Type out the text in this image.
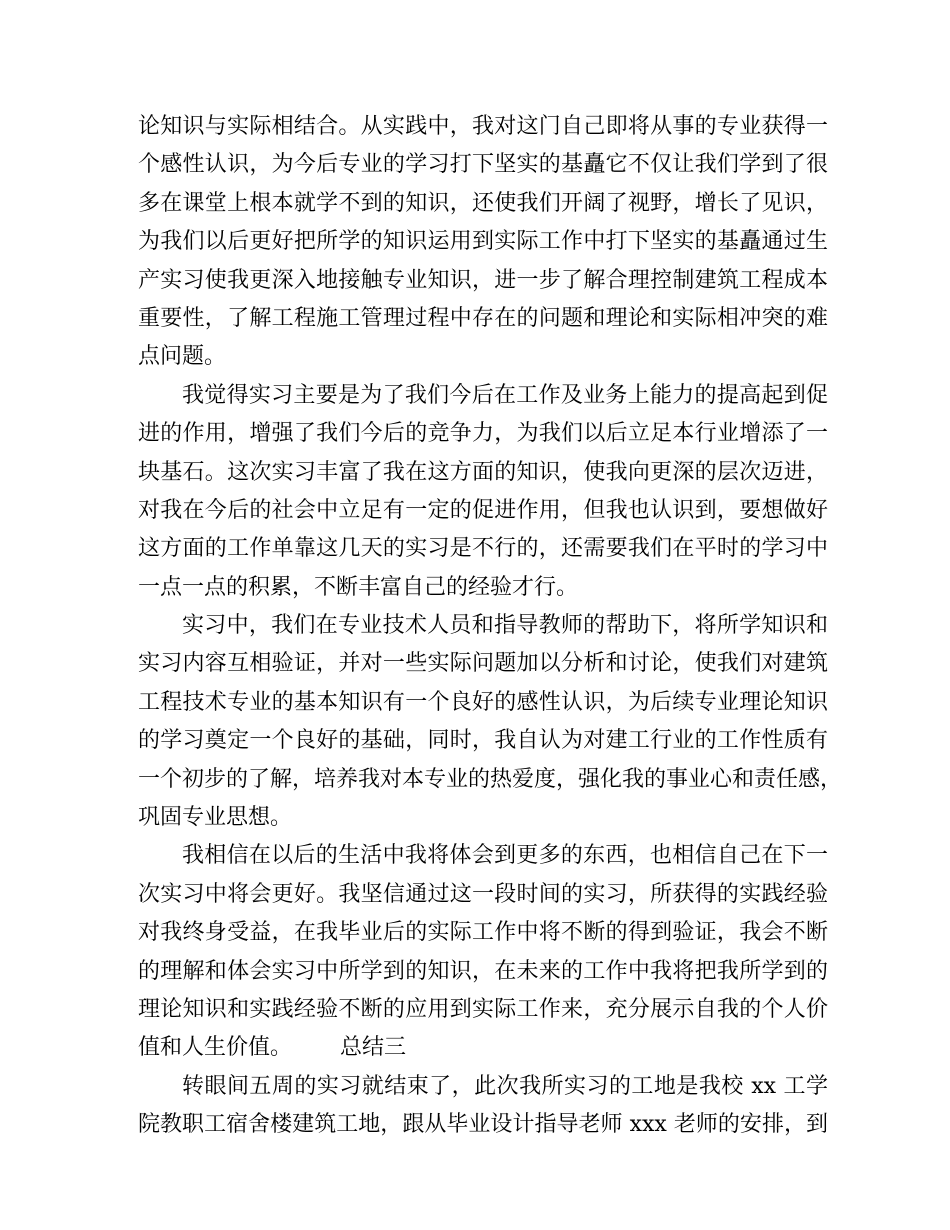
论知识与实际相结合。从实践中，我对这门自己即将从事的专业获得一
个感性认识，为今后专业的学习打下坚实的基矗它不仅让我们学到了很
多在课堂上根本就学不到的知识，还使我们开阔了视野，增长了见识，
为我们以后更好把所学的知识运用到实际工作中打下坚实的基矗通过生
产实习使我更深入地接触专业知识，进一步了解合理控制建筑工程成本
重要性，了解工程施工管理过程中存在的问题和理论和实际相冲突的难
点问题。
我觉得实习主要是为了我们今后在工作及业务上能力的提高起到促
进的作用，增强了我们今后的竞争力，为我们以后立足本行业增添了一
块基石。这次实习丰富了我在这方面的知识，使我向更深的层次迈进，
对我在今后的社会中立足有一定的促进作用，但我也认识到，要想做好
这方面的工作单靠这几天的实习是不行的，还需要我们在平时的学习中
一点一点的积累，不断丰富自己的经验才行。
实习中，我们在专业技术人员和指导教师的帮助下，将所学知识和
实习内容互相验证，并对一些实际问题加以分析和讨论，使我们对建筑
工程技术专业的基本知识有一个良好的感性认识，为后续专业理论知识
的学习奠定一个良好的基础，同时，我自认为对建工行业的工作性质有
一个初步的了解，培养我对本专业的热爱度，强化我的事业心和责任感，
巩固专业思想。
我相信在以后的生活中我将体会到更多的东西，也相信自己在下一
次实习中将会更好。我坚信通过这一段时间的实习，所获得的实践经验
对我终身受益，在我毕业后的实际工作中将不断的得到验证，我会不断
的理解和体会实习中所学到的知识，在未来的工作中我将把我所学到的
理论知识和实践经验不断的应用到实际工作来，充分展示自我的个人价
值和人生价值。 总结三
转眼间五周的实习就结束了，此次我所实习的工地是我校 xx 工学
院教职工宿舍楼建筑工地，跟从毕业设计指导老师 xxx 老师的安排，到
